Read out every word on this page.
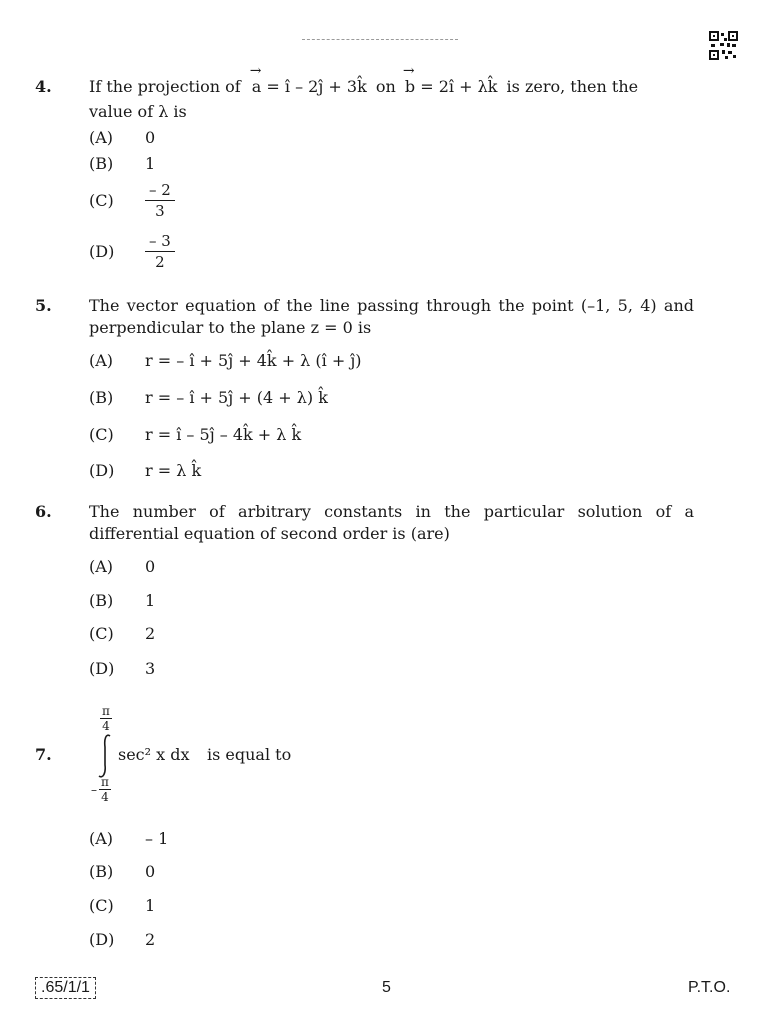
4. If the projection of → a = î – 2ĵ + 3k̂ on → b = 2î + λk̂ is zero, then the
value of λ is
(A)	0
(B)	1
(C)	$\frac{- 2}{3}$
(D)	$\frac{- 3}{2}$
5. The vector equation of the line passing through the point (–1, 5, 4) and
perpendicular to the plane z = 0 is
(A)	r = – î + 5ĵ + 4k̂ + λ (î + ĵ)
(B)	r = – î + 5ĵ + (4 + λ) k̂
(C)	r = î – 5ĵ – 4k̂ + λ k̂
(D)	r = λ k̂
6. The number of arbitrary constants in the particular solution of a
differential equation of second order is (are)
(A)	0
(B)	1
(C)	2
(D)	3
7.
$\frac{\pi}{4}$
– $\frac{\pi}{4}$
sec² x dx is equal to
(A)	– 1
(B)	0
(C)	1
(D)	2
.65/1/1	5	P.T.O.
